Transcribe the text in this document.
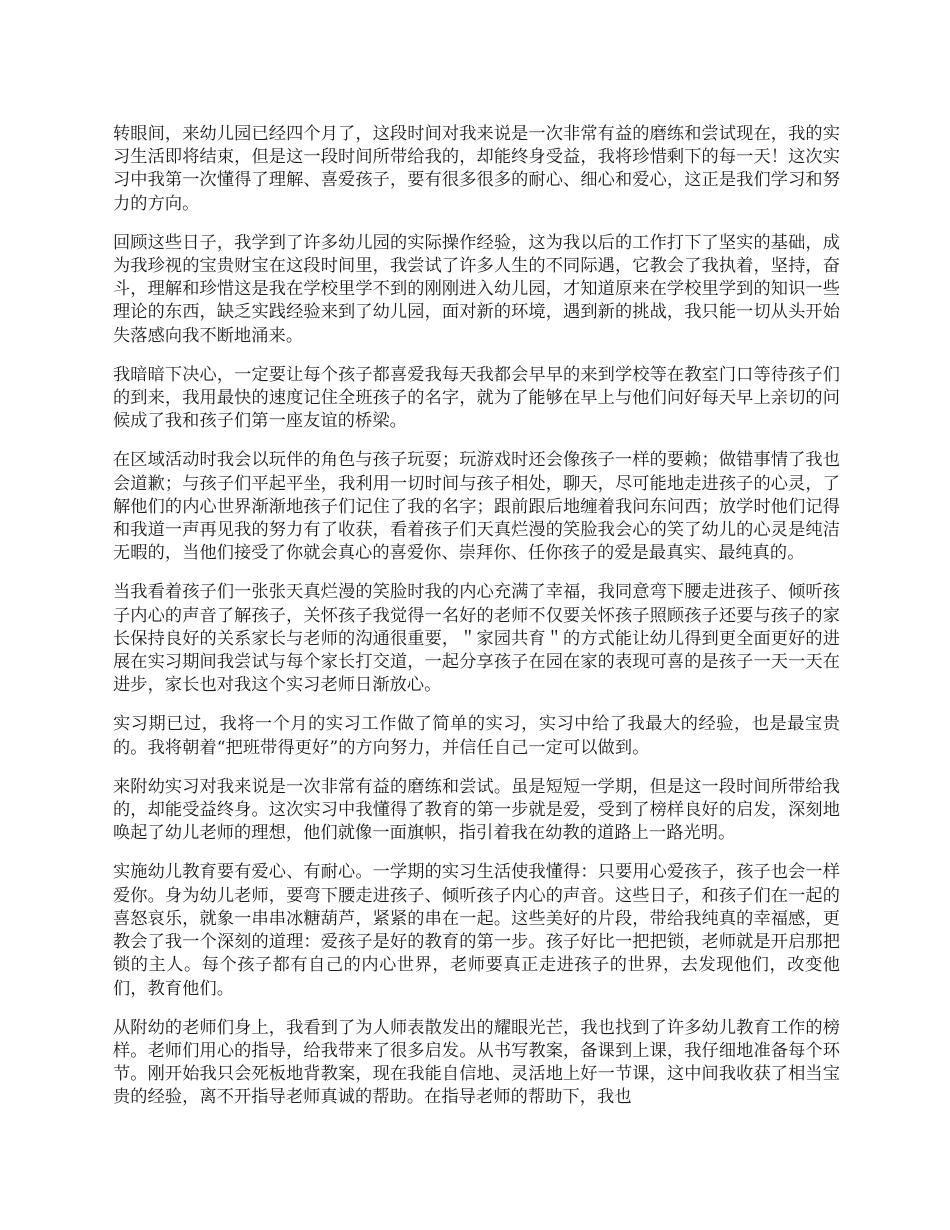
转眼间，来幼儿园已经四个月了，这段时间对我来说是一次非常有益的磨练和尝试现在，我的实习生活即将结束，但是这一段时间所带给我的，却能终身受益，我将珍惜剩下的每一天！这次实习中我第一次懂得了理解、喜爱孩子，要有很多很多的耐心、细心和爱心，这正是我们学习和努力的方向。

回顾这些日子，我学到了许多幼儿园的实际操作经验，这为我以后的工作打下了坚实的基础，成为我珍视的宝贵财宝在这段时间里，我尝试了许多人生的不同际遇，它教会了我执着，坚持，奋斗，理解和珍惜这是我在学校里学不到的刚刚进入幼儿园，才知道原来在学校里学到的知识一些理论的东西，缺乏实践经验来到了幼儿园，面对新的环境，遇到新的挑战，我只能一切从头开始失落感向我不断地涌来。

我暗暗下决心，一定要让每个孩子都喜爱我每天我都会早早的来到学校等在教室门口等待孩子们的到来，我用最快的速度记住全班孩子的名字，就为了能够在早上与他们问好每天早上亲切的问候成了我和孩子们第一座友谊的桥梁。

在区域活动时我会以玩伴的角色与孩子玩耍；玩游戏时还会像孩子一样的要赖；做错事情了我也会道歉；与孩子们平起平坐，我利用一切时间与孩子相处，聊天，尽可能地走进孩子的心灵，了解他们的内心世界渐渐地孩子们记住了我的名字；跟前跟后地缠着我问东问西；放学时他们记得和我道一声再见我的努力有了收获，看着孩子们天真烂漫的笑脸我会心的笑了幼儿的心灵是纯洁无暇的，当他们接受了你就会真心的喜爱你、崇拜你、任你孩子的爱是最真实、最纯真的。

当我看着孩子们一张张天真烂漫的笑脸时我的内心充满了幸福，我同意弯下腰走进孩子、倾听孩子内心的声音了解孩子，关怀孩子我觉得一名好的老师不仅要关怀孩子照顾孩子还要与孩子的家长保持良好的关系家长与老师的沟通很重要，＂家园共育＂的方式能让幼儿得到更全面更好的进展在实习期间我尝试与每个家长打交道，一起分享孩子在园在家的表现可喜的是孩子一天一天在进步，家长也对我这个实习老师日渐放心。

实习期已过，我将一个月的实习工作做了简单的实习，实习中给了我最大的经验，也是最宝贵的。我将朝着“把班带得更好”的方向努力，并信任自己一定可以做到。

来附幼实习对我来说是一次非常有益的磨练和尝试。虽是短短一学期，但是这一段时间所带给我的，却能受益终身。这次实习中我懂得了教育的第一步就是爱，受到了榜样良好的启发，深刻地唤起了幼儿老师的理想，他们就像一面旗帜，指引着我在幼教的道路上一路光明。

实施幼儿教育要有爱心、有耐心。一学期的实习生活使我懂得：只要用心爱孩子，孩子也会一样爱你。身为幼儿老师，要弯下腰走进孩子、倾听孩子内心的声音。这些日子，和孩子们在一起的喜怒哀乐，就象一串串冰糖葫芦，紧紧的串在一起。这些美好的片段，带给我纯真的幸福感，更教会了我一个深刻的道理：爱孩子是好的教育的第一步。孩子好比一把把锁，老师就是开启那把锁的主人。每个孩子都有自己的内心世界，老师要真正走进孩子的世界，去发现他们，改变他们，教育他们。

从附幼的老师们身上，我看到了为人师表散发出的耀眼光芒，我也找到了许多幼儿教育工作的榜样。老师们用心的指导，给我带来了很多启发。从书写教案，备课到上课，我仔细地准备每个环节。刚开始我只会死板地背教案，现在我能自信地、灵活地上好一节课，这中间我收获了相当宝贵的经验，离不开指导老师真诚的帮助。在指导老师的帮助下，我也
